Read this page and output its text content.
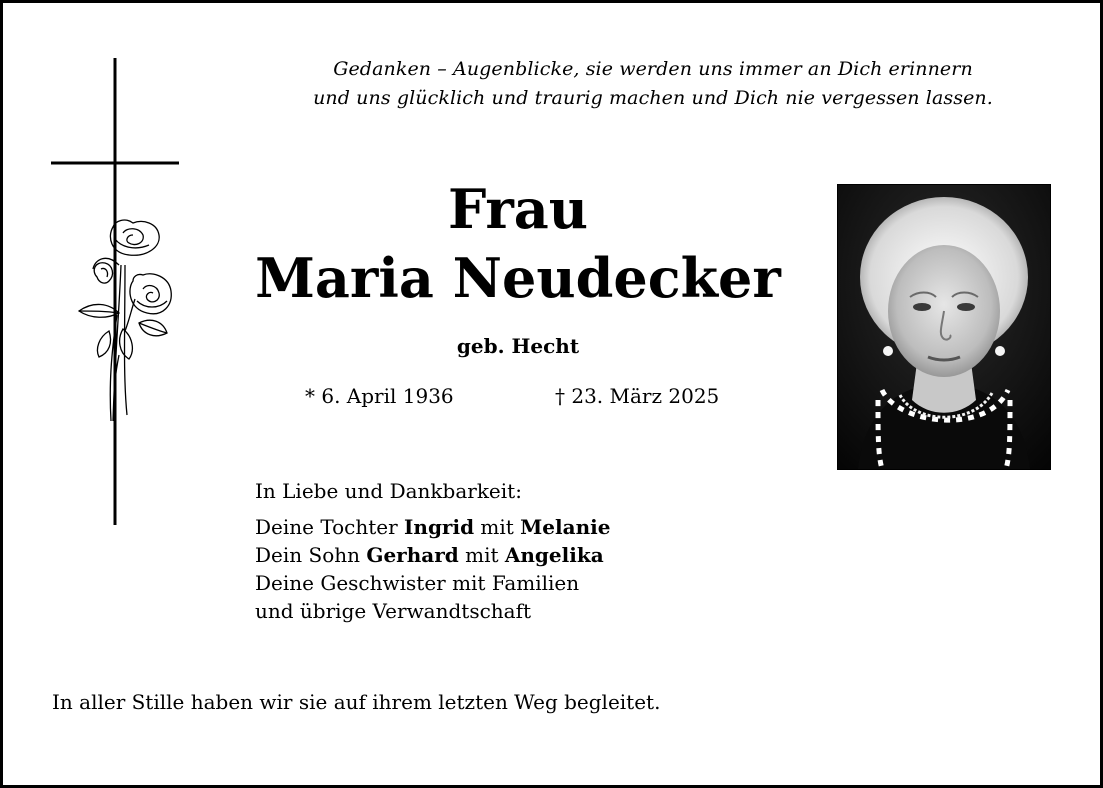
Gedanken – Augenblicke, sie werden uns immer an Dich erinnern
und uns glücklich und traurig machen und Dich nie vergessen lassen.
Frau
Maria Neudecker
geb. Hecht
* 6. April 1936	† 23. März 2025
In Liebe und Dankbarkeit:
Deine Tochter Ingrid mit Melanie
Dein Sohn Gerhard mit Angelika
Deine Geschwister mit Familien
und übrige Verwandtschaft
In aller Stille haben wir sie auf ihrem letzten Weg begleitet.
